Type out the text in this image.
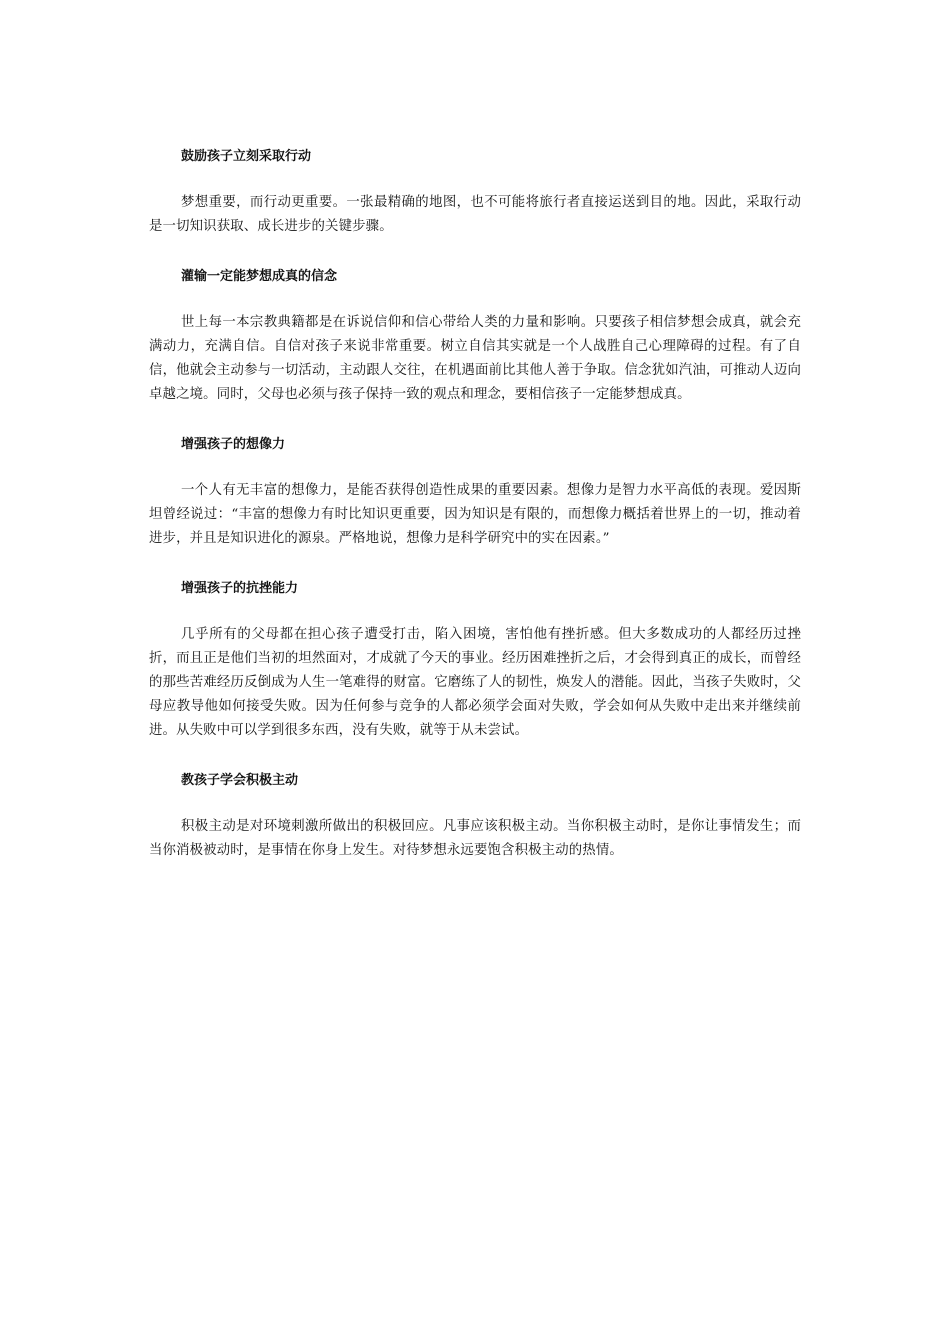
鼓励孩子立刻采取行动

梦想重要，而行动更重要。一张最精确的地图，也不可能将旅行者直接运送到目的地。因此，采取行动是一切知识获取、成长进步的关键步骤。

灌输一定能梦想成真的信念

世上每一本宗教典籍都是在诉说信仰和信心带给人类的力量和影响。只要孩子相信梦想会成真，就会充满动力，充满自信。自信对孩子来说非常重要。树立自信其实就是一个人战胜自己心理障碍的过程。有了自信，他就会主动参与一切活动，主动跟人交往，在机遇面前比其他人善于争取。信念犹如汽油，可推动人迈向卓越之境。同时，父母也必须与孩子保持一致的观点和理念，要相信孩子一定能梦想成真。

增强孩子的想像力

一个人有无丰富的想像力，是能否获得创造性成果的重要因素。想像力是智力水平高低的表现。爱因斯坦曾经说过：“丰富的想像力有时比知识更重要，因为知识是有限的，而想像力概括着世界上的一切，推动着进步，并且是知识进化的源泉。严格地说，想像力是科学研究中的实在因素。”

增强孩子的抗挫能力

几乎所有的父母都在担心孩子遭受打击，陷入困境，害怕他有挫折感。但大多数成功的人都经历过挫折，而且正是他们当初的坦然面对，才成就了今天的事业。经历困难挫折之后，才会得到真正的成长，而曾经的那些苦难经历反倒成为人生一笔难得的财富。它磨练了人的韧性，焕发人的潜能。因此，当孩子失败时，父母应教导他如何接受失败。因为任何参与竞争的人都必须学会面对失败，学会如何从失败中走出来并继续前进。从失败中可以学到很多东西，没有失败，就等于从未尝试。

教孩子学会积极主动

积极主动是对环境刺激所做出的积极回应。凡事应该积极主动。当你积极主动时，是你让事情发生；而当你消极被动时，是事情在你身上发生。对待梦想永远要饱含积极主动的热情。
